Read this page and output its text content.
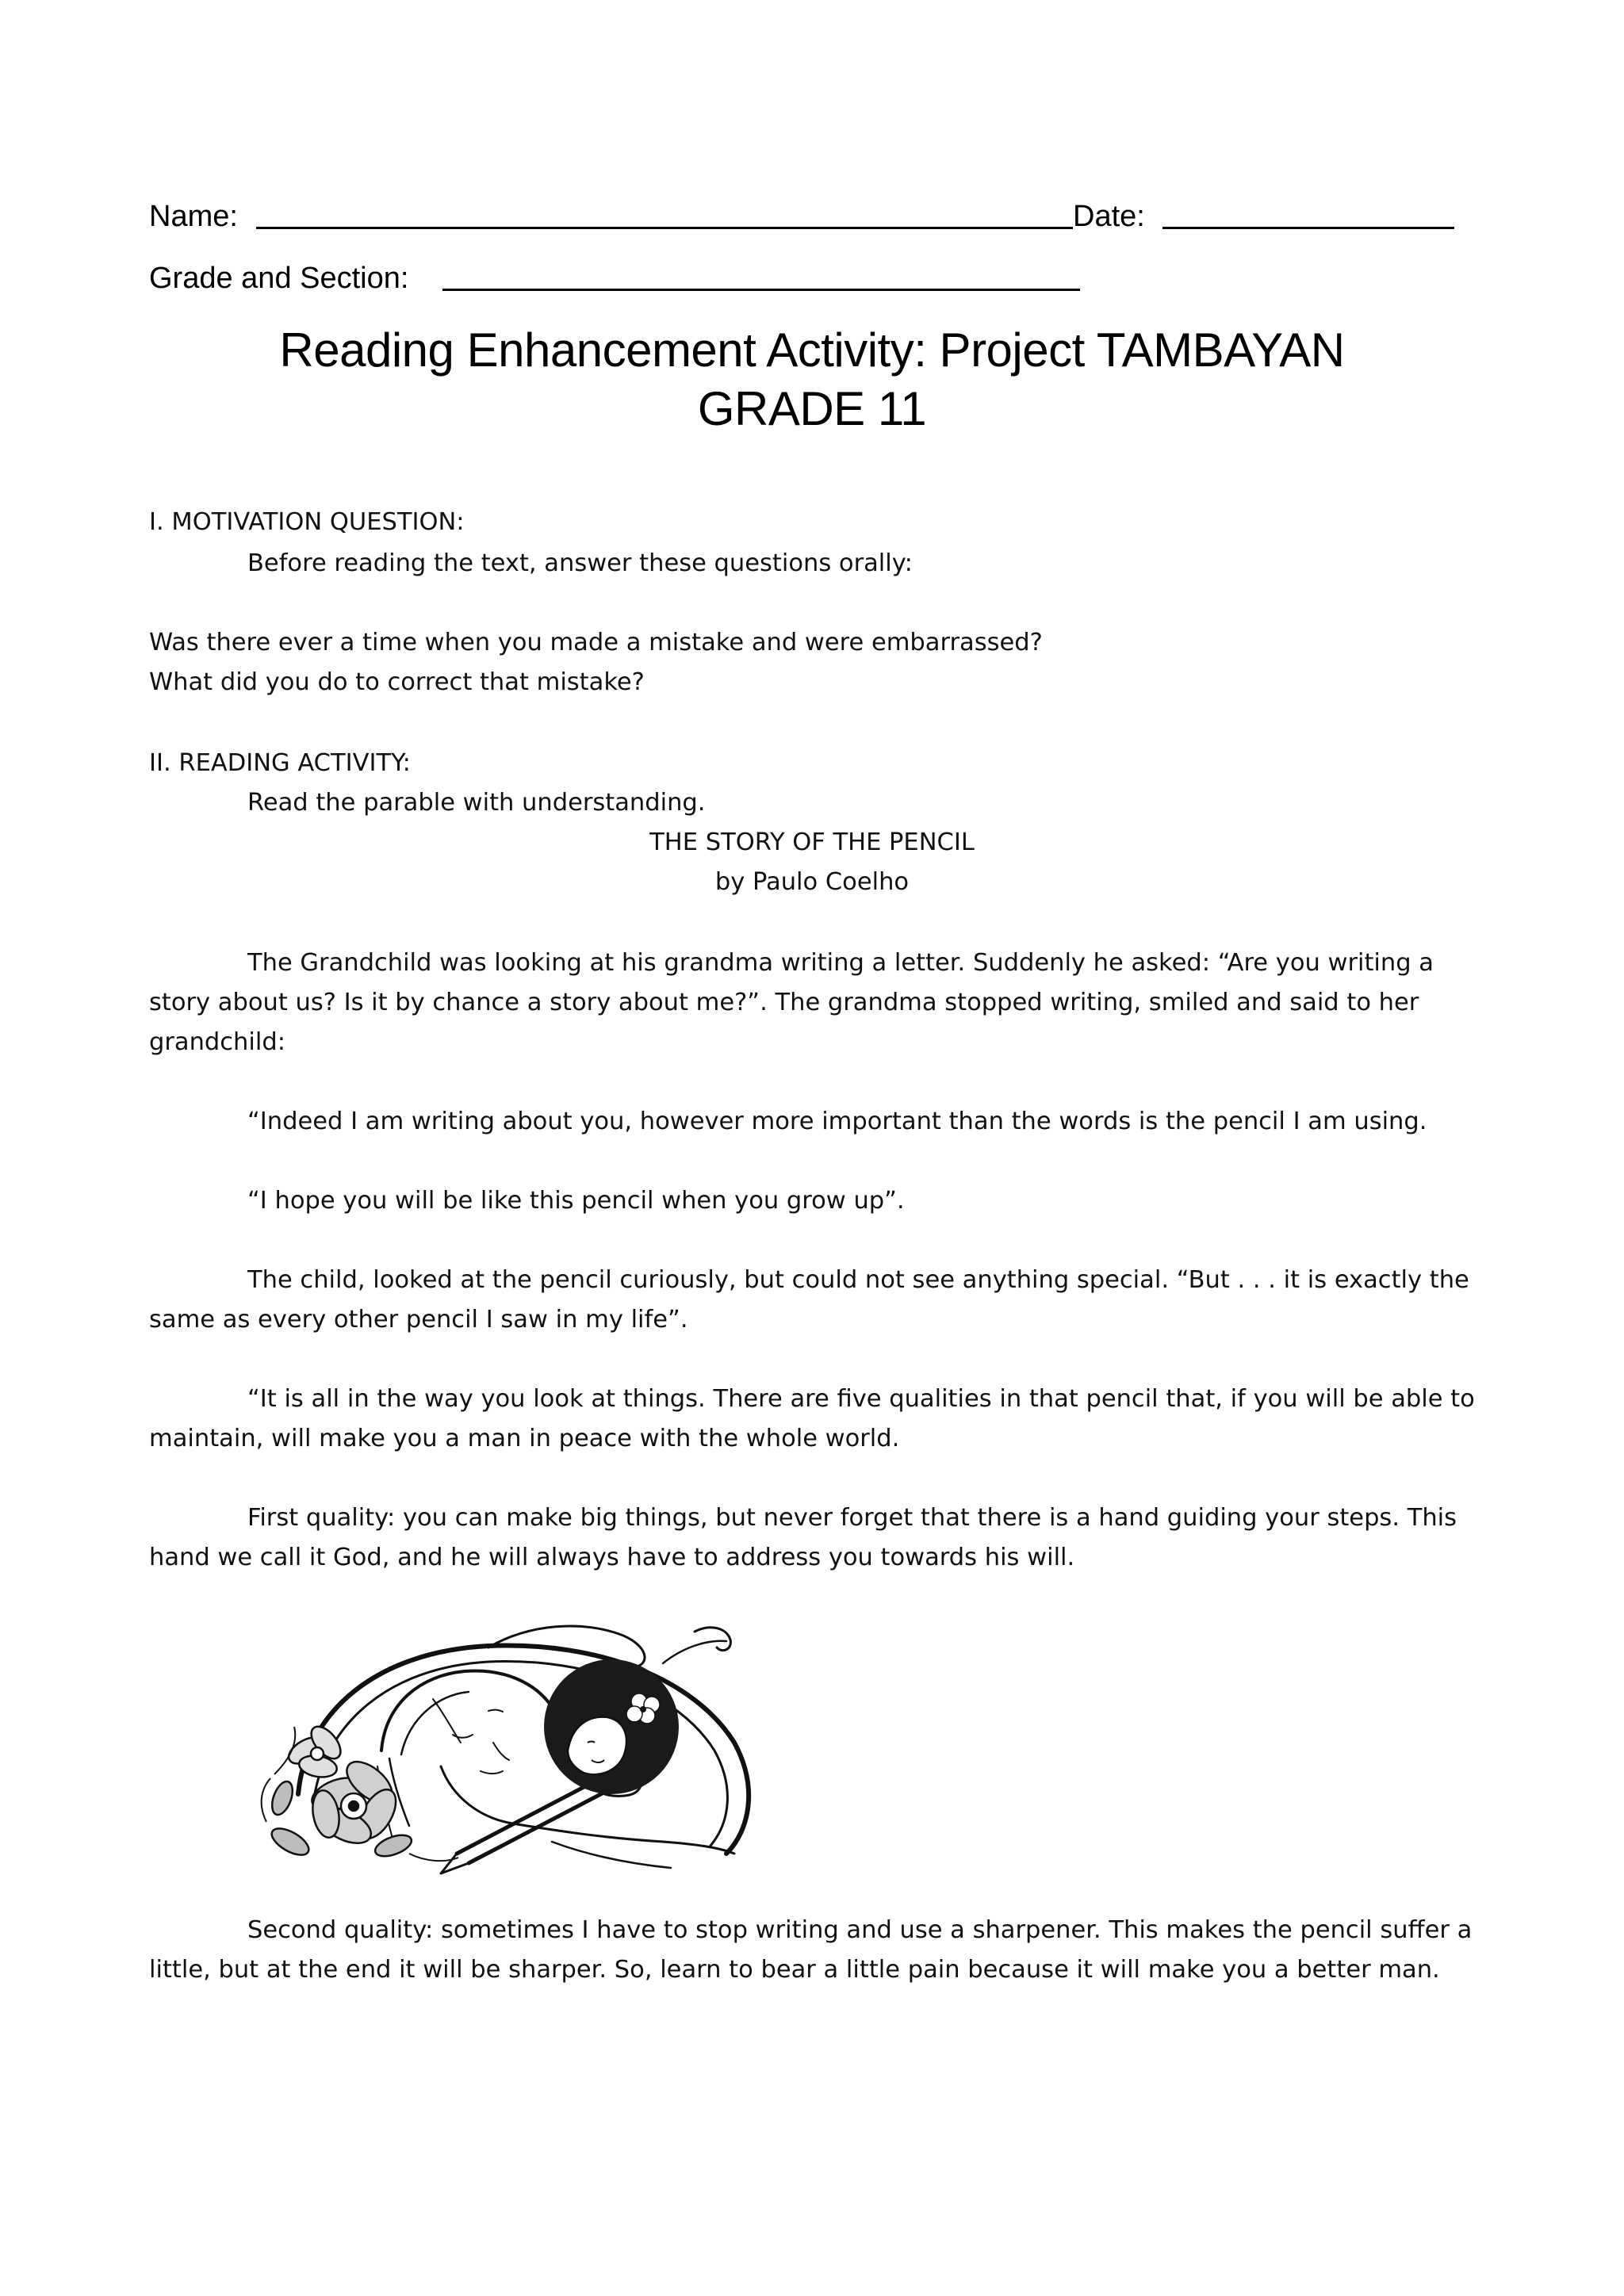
Name:	Date:
Grade and Section:
Reading Enhancement Activity: Project TAMBAYAN
GRADE 11
I. MOTIVATION QUESTION:
Before reading the text, answer these questions orally:
Was there ever a time when you made a mistake and were embarrassed?
What did you do to correct that mistake?
II. READING ACTIVITY:
Read the parable with understanding.
THE STORY OF THE PENCIL
by Paulo Coelho
The Grandchild was looking at his grandma writing a letter. Suddenly he asked: “Are you writing a
story about us? Is it by chance a story about me?”. The grandma stopped writing, smiled and said to her
grandchild:
“Indeed I am writing about you, however more important than the words is the pencil I am using.
“I hope you will be like this pencil when you grow up”.
The child, looked at the pencil curiously, but could not see anything special. “But . . . it is exactly the
same as every other pencil I saw in my life”.
“It is all in the way you look at things. There are five qualities in that pencil that, if you will be able to
maintain, will make you a man in peace with the whole world.
First quality: you can make big things, but never forget that there is a hand guiding your steps. This
hand we call it God, and he will always have to address you towards his will.
Second quality: sometimes I have to stop writing and use a sharpener. This makes the pencil suffer a
little, but at the end it will be sharper. So, learn to bear a little pain because it will make you a better man.
